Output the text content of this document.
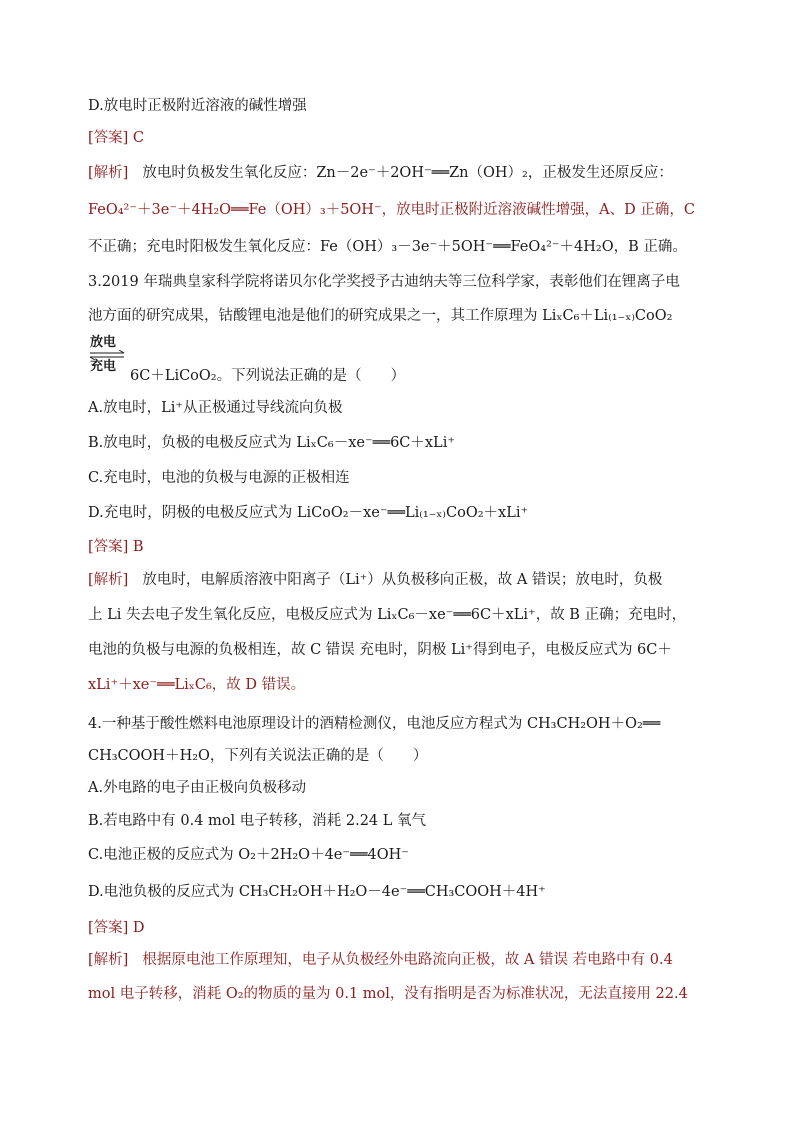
D.放电时正极附近溶液的碱性增强
[答案] C
[解析] 放电时负极发生氧化反应：Zn－2e⁻＋2OH⁻══Zn（OH）₂，正极发生还原反应：
FeO₄²⁻＋3e⁻＋4H₂O══Fe（OH）₃＋5OH⁻，放电时正极附近溶液碱性增强，A、D 正确，C
不正确；充电时阳极发生氧化反应：Fe（OH）₃－3e⁻＋5OH⁻══FeO₄²⁻＋4H₂O，B 正确。
3.2019 年瑞典皇家科学院将诺贝尔化学奖授予古迪纳夫等三位科学家，表彰他们在锂离子电
池方面的研究成果，钴酸锂电池是他们的研究成果之一，其工作原理为 LiₓC₆＋Li₍₁₋ₓ₎CoO₂
放电
充电
6C＋LiCoO₂。下列说法正确的是（　　）
A.放电时，Li⁺从正极通过导线流向负极
B.放电时，负极的电极反应式为 LiₓC₆－xe⁻══6C＋xLi⁺
C.充电时，电池的负极与电源的正极相连
D.充电时，阴极的电极反应式为 LiCoO₂－xe⁻══Li₍₁₋ₓ₎CoO₂＋xLi⁺
[答案] B
[解析] 放电时，电解质溶液中阳离子（Li⁺）从负极移向正极，故 A 错误；放电时，负极
上 Li 失去电子发生氧化反应，电极反应式为 LiₓC₆－xe⁻══6C＋xLi⁺，故 B 正确；充电时，
电池的负极与电源的负极相连，故 C 错误 充电时，阴极 Li⁺得到电子，电极反应式为 6C＋
xLi⁺＋xe⁻══LiₓC₆，故 D 错误。
4.一种基于酸性燃料电池原理设计的酒精检测仪，电池反应方程式为 CH₃CH₂OH＋O₂══
CH₃COOH＋H₂O，下列有关说法正确的是（　　）
A.外电路的电子由正极向负极移动
B.若电路中有 0.4 mol 电子转移，消耗 2.24 L 氧气
C.电池正极的反应式为 O₂＋2H₂O＋4e⁻══4OH⁻
D.电池负极的反应式为 CH₃CH₂OH＋H₂O－4e⁻══CH₃COOH＋4H⁺
[答案] D
[解析] 根据原电池工作原理知，电子从负极经外电路流向正极，故 A 错误 若电路中有 0.4
mol 电子转移，消耗 O₂的物质的量为 0.1 mol，没有指明是否为标准状况，无法直接用 22.4
